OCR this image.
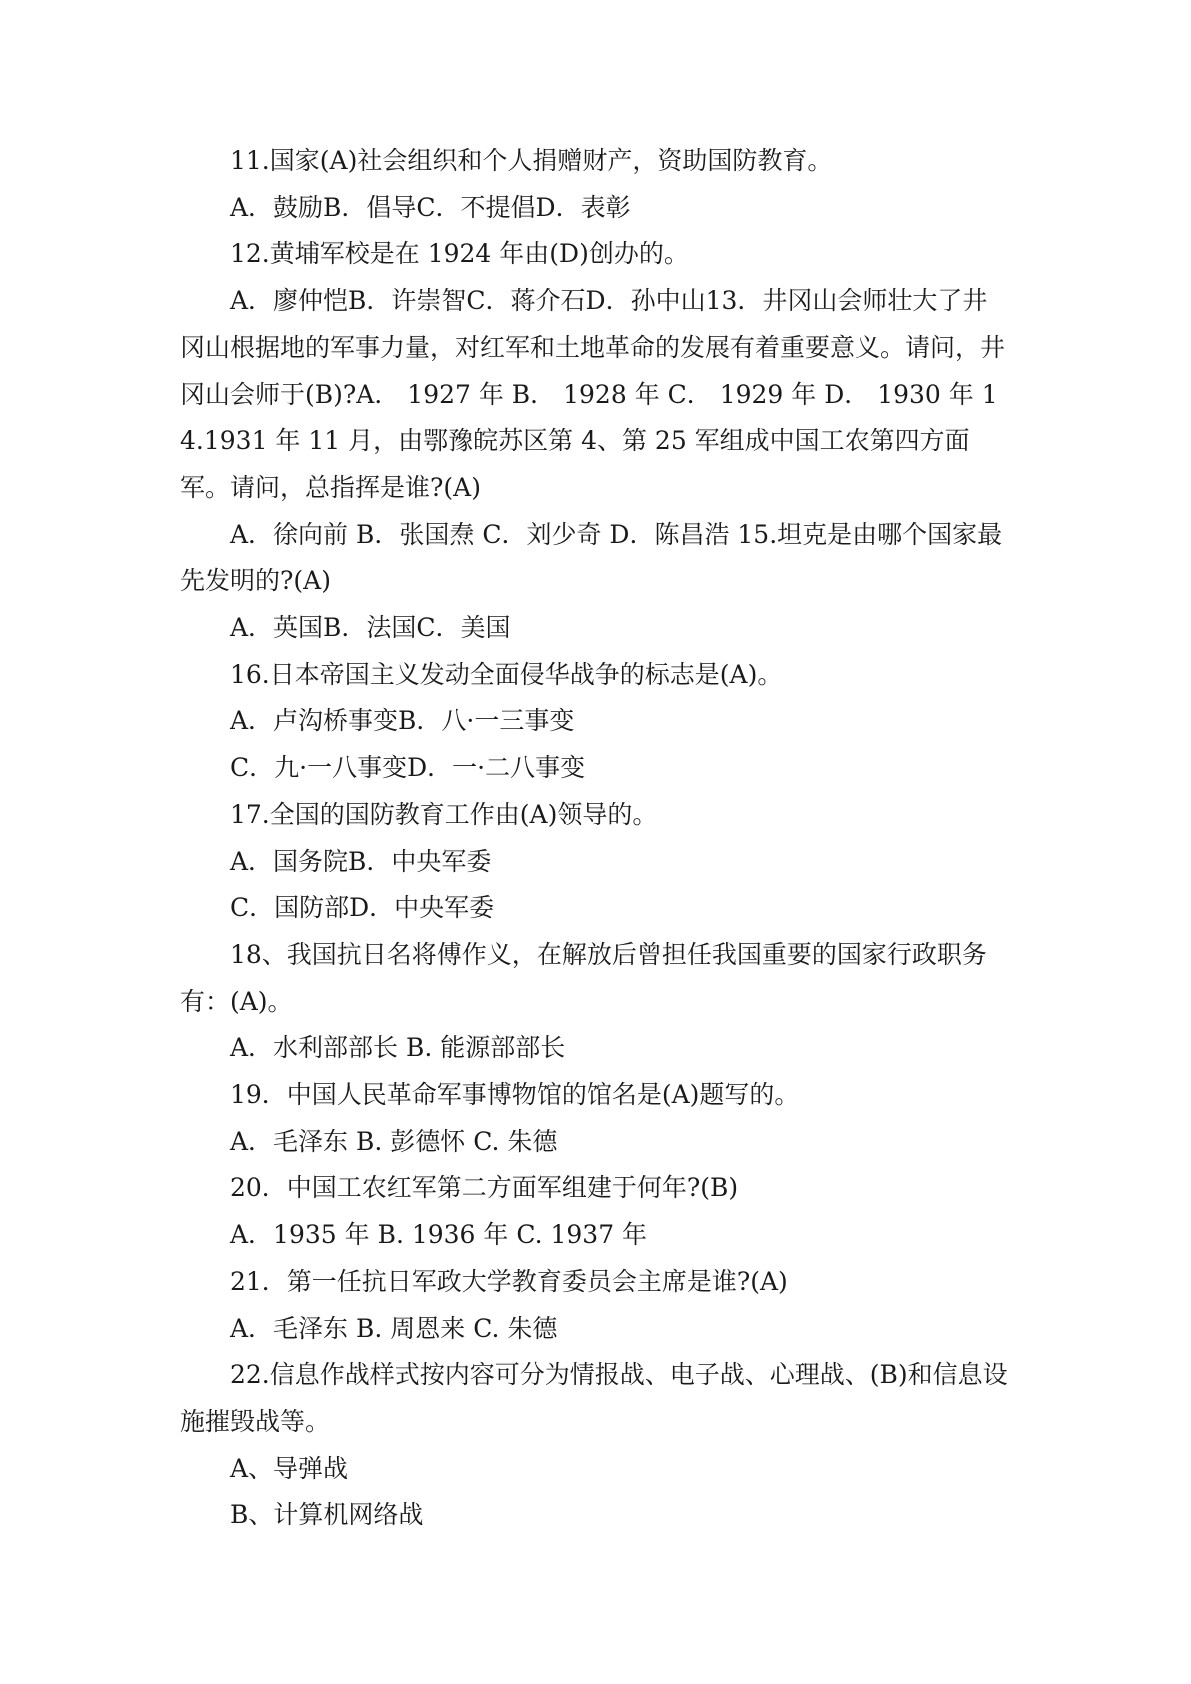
11.国家(A)社会组织和个人捐赠财产，资助国防教育。

A．鼓励B．倡导C．不提倡D．表彰

12.黄埔军校是在 1924 年由(D)创办的。

A．廖仲恺B．许崇智C．蒋介石D．孙中山13．井冈山会师壮大了井冈山根据地的军事力量，对红军和土地革命的发展有着重要意义。请问，井冈山会师于(B)?A． 1927 年 B． 1928 年 C． 1929 年 D． 1930 年 14.1931 年 11 月，由鄂豫皖苏区第 4、第 25 军组成中国工农第四方面军。请问，总指挥是谁?(A)

A．徐向前 B．张国焘 C．刘少奇 D．陈昌浩 15.坦克是由哪个国家最先发明的?(A)

A．英国B．法国C．美国

16.日本帝国主义发动全面侵华战争的标志是(A)。

A．卢沟桥事变B．八·一三事变

C．九·一八事变D．一·二八事变

17.全国的国防教育工作由(A)领导的。

A．国务院B．中央军委

C．国防部D．中央军委

18、我国抗日名将傅作义，在解放后曾担任我国重要的国家行政职务有：(A)。

A．水利部部长 B. 能源部部长

19．中国人民革命军事博物馆的馆名是(A)题写的。

A．毛泽东 B. 彭德怀 C. 朱德

20．中国工农红军第二方面军组建于何年?(B)

A．1935 年 B. 1936 年 C. 1937 年

21．第一任抗日军政大学教育委员会主席是谁?(A)

A．毛泽东 B. 周恩来 C. 朱德

22.信息作战样式按内容可分为情报战、电子战、心理战、(B)和信息设施摧毁战等。

A、导弹战

B、计算机网络战
